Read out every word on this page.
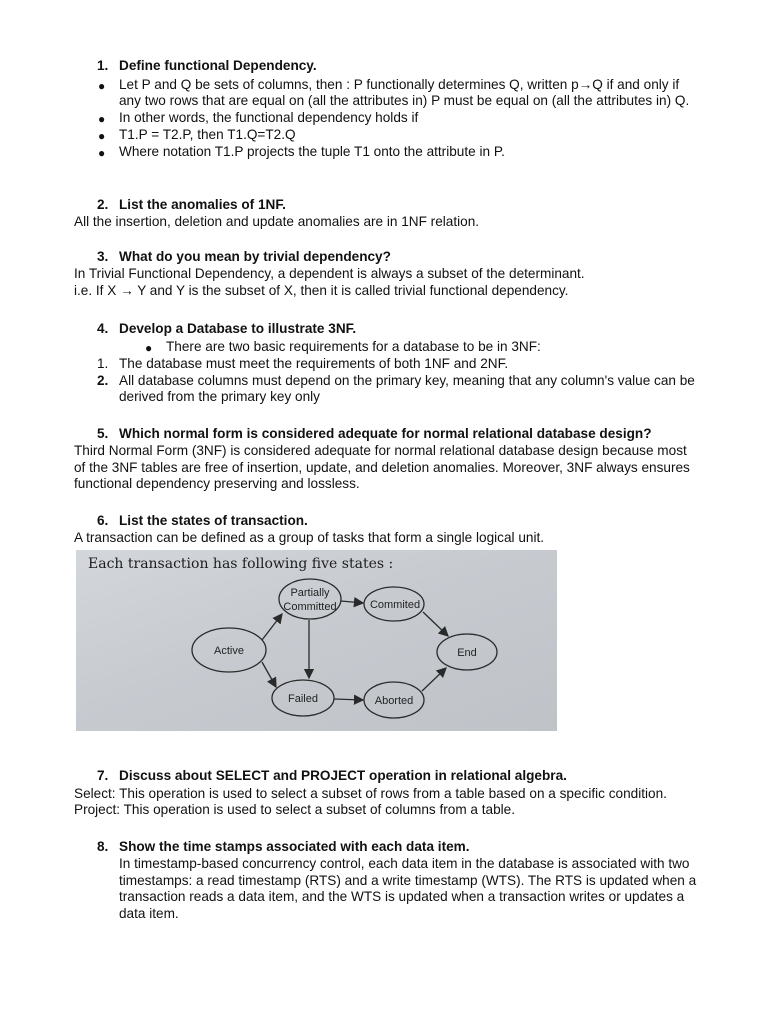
1. Define functional Dependency.
● Let P and Q be sets of columns, then : P functionally determines Q, written p→Q if and only if
any two rows that are equal on (all the attributes in) P must be equal on (all the attributes in) Q.
● In other words, the functional dependency holds if
● T1.P = T2.P, then T1.Q=T2.Q
● Where notation T1.P projects the tuple T1 onto the attribute in P.
2. List the anomalies of 1NF.
All the insertion, deletion and update anomalies are in 1NF relation.
3. What do you mean by trivial dependency?
In Trivial Functional Dependency, a dependent is always a subset of the determinant.
i.e. If X → Y and Y is the subset of X, then it is called trivial functional dependency.
4. Develop a Database to illustrate 3NF.
● There are two basic requirements for a database to be in 3NF:
1. The database must meet the requirements of both 1NF and 2NF.
2. All database columns must depend on the primary key, meaning that any column's value can be
derived from the primary key only
5. Which normal form is considered adequate for normal relational database design?
Third Normal Form (3NF) is considered adequate for normal relational database design because most
of the 3NF tables are free of insertion, update, and deletion anomalies. Moreover, 3NF always ensures
functional dependency preserving and lossless.
6. List the states of transaction.
A transaction can be defined as a group of tasks that form a single logical unit.
Each transaction has following five states :
Partially
Committed	Commited
Active	End
Failed	Aborted
7. Discuss about SELECT and PROJECT operation in relational algebra.
Select: This operation is used to select a subset of rows from a table based on a specific condition.
Project: This operation is used to select a subset of columns from a table.
8. Show the time stamps associated with each data item.
In timestamp-based concurrency control, each data item in the database is associated with two
timestamps: a read timestamp (RTS) and a write timestamp (WTS). The RTS is updated when a
transaction reads a data item, and the WTS is updated when a transaction writes or updates a
data item.
